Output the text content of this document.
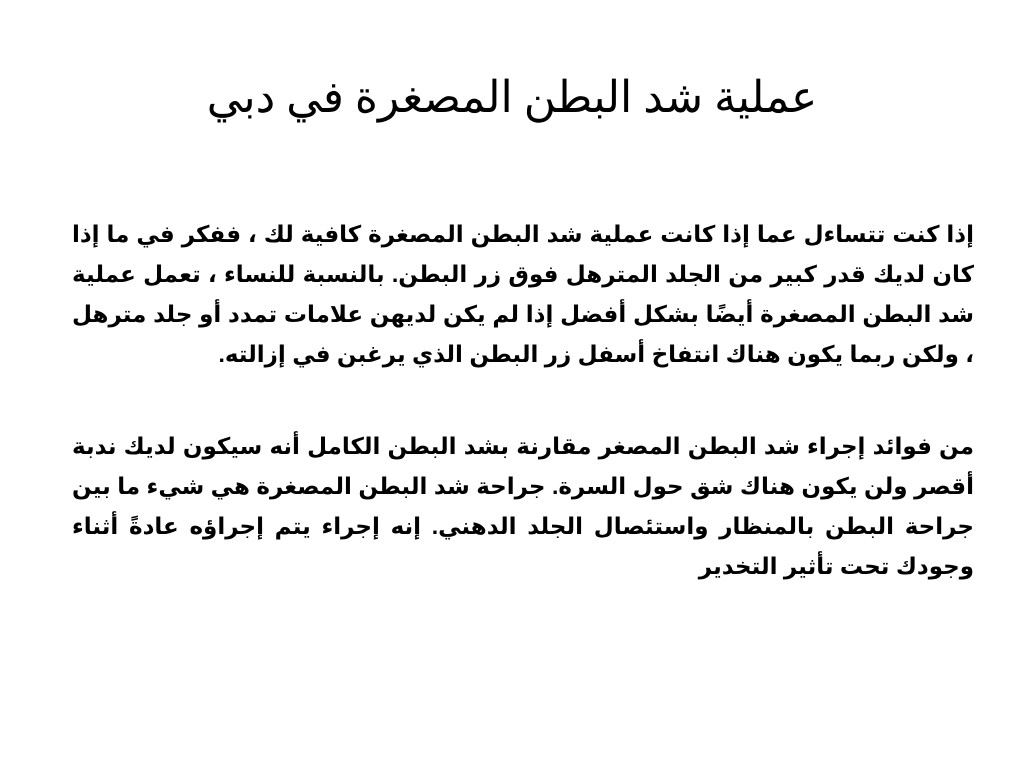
عملية شد البطن المصغرة في دبي

إذا كنت تتساءل عما إذا كانت عملية شد البطن المصغرة كافية لك ، ففكر في ما إذا كان لديك قدر كبير من الجلد المترهل فوق زر البطن. بالنسبة للنساء ، تعمل عملية شد البطن المصغرة أيضًا بشكل أفضل إذا لم يكن لديهن علامات تمدد أو جلد مترهل ، ولكن ربما يكون هناك انتفاخ أسفل زر البطن الذي يرغبن في إزالته.

من فوائد إجراء شد البطن المصغر مقارنة بشد البطن الكامل أنه سيكون لديك ندبة أقصر ولن يكون هناك شق حول السرة. جراحة شد البطن المصغرة هي شيء ما بين جراحة البطن بالمنظار واستئصال الجلد الدهني. إنه إجراء يتم إجراؤه عادةً أثناء وجودك تحت تأثير التخدير
